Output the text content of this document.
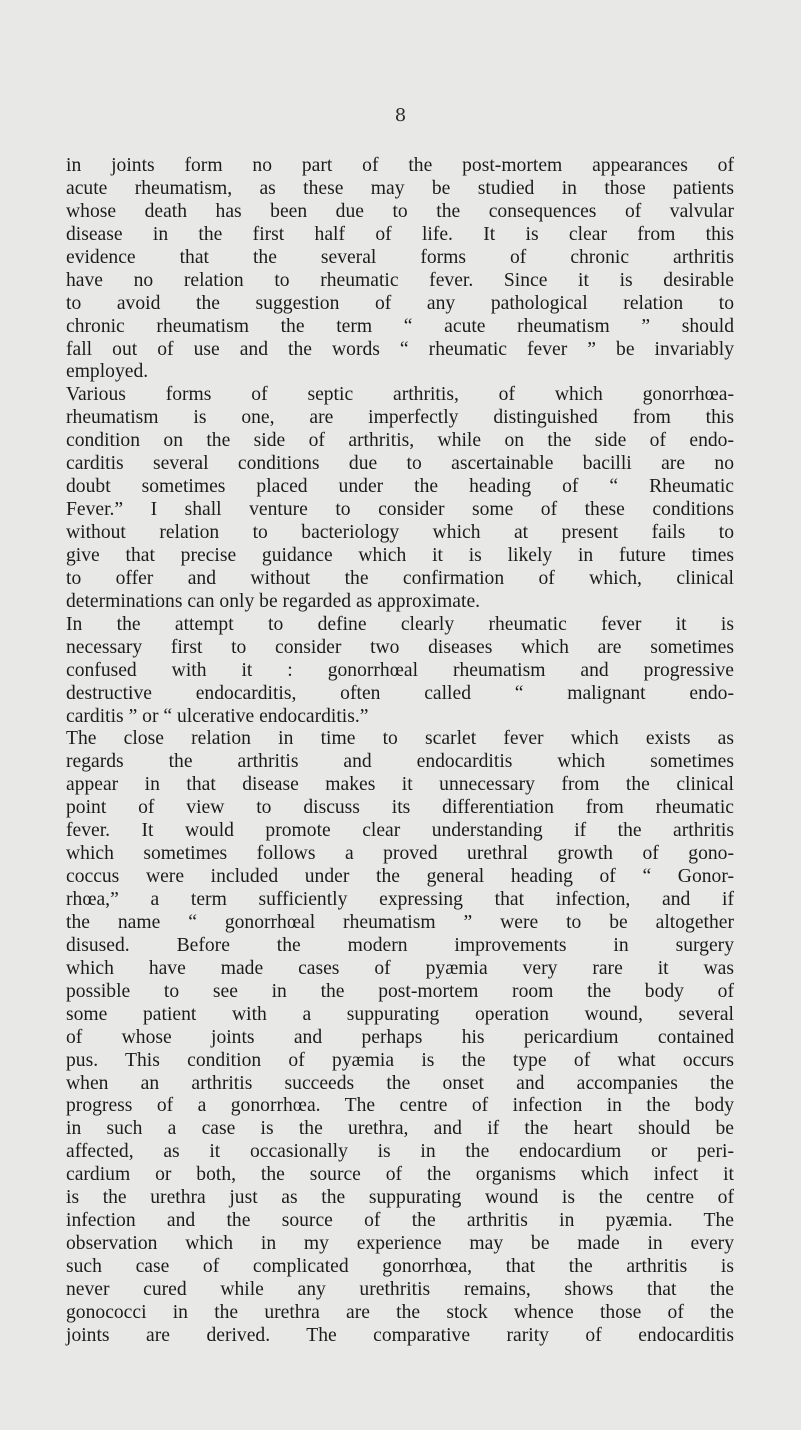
8
in joints form no part of the post-mortem appearances of
acute rheumatism, as these may be studied in those patients
whose death has been due to the consequences of valvular
disease in the first half of life. It is clear from this
evidence that the several forms of chronic arthritis
have no relation to rheumatic fever. Since it is desirable
to avoid the suggestion of any pathological relation to
chronic rheumatism the term “ acute rheumatism ” should
fall out of use and the words “ rheumatic fever ” be invariably
employed.
Various forms of septic arthritis, of which gonorrhœa-
rheumatism is one, are imperfectly distinguished from this
condition on the side of arthritis, while on the side of endo-
carditis several conditions due to ascertainable bacilli are no
doubt sometimes placed under the heading of “ Rheumatic
Fever.” I shall venture to consider some of these conditions
without relation to bacteriology which at present fails to
give that precise guidance which it is likely in future times
to offer and without the confirmation of which, clinical
determinations can only be regarded as approximate.
In the attempt to define clearly rheumatic fever it is
necessary first to consider two diseases which are sometimes
confused with it : gonorrhœal rheumatism and progressive
destructive endocarditis, often called “ malignant endo-
carditis ” or “ ulcerative endocarditis.”
The close relation in time to scarlet fever which exists as
regards the arthritis and endocarditis which sometimes
appear in that disease makes it unnecessary from the clinical
point of view to discuss its differentiation from rheumatic
fever. It would promote clear understanding if the arthritis
which sometimes follows a proved urethral growth of gono-
coccus were included under the general heading of “ Gonor-
rhœa,” a term sufficiently expressing that infection, and if
the name “ gonorrhœal rheumatism ” were to be altogether
disused. Before the modern improvements in surgery
which have made cases of pyæmia very rare it was
possible to see in the post-mortem room the body of
some patient with a suppurating operation wound, several
of whose joints and perhaps his pericardium contained
pus. This condition of pyæmia is the type of what occurs
when an arthritis succeeds the onset and accompanies the
progress of a gonorrhœa. The centre of infection in the body
in such a case is the urethra, and if the heart should be
affected, as it occasionally is in the endocardium or peri-
cardium or both, the source of the organisms which infect it
is the urethra just as the suppurating wound is the centre of
infection and the source of the arthritis in pyæmia. The
observation which in my experience may be made in every
such case of complicated gonorrhœa, that the arthritis is
never cured while any urethritis remains, shows that the
gonococci in the urethra are the stock whence those of the
joints are derived. The comparative rarity of endocarditis
